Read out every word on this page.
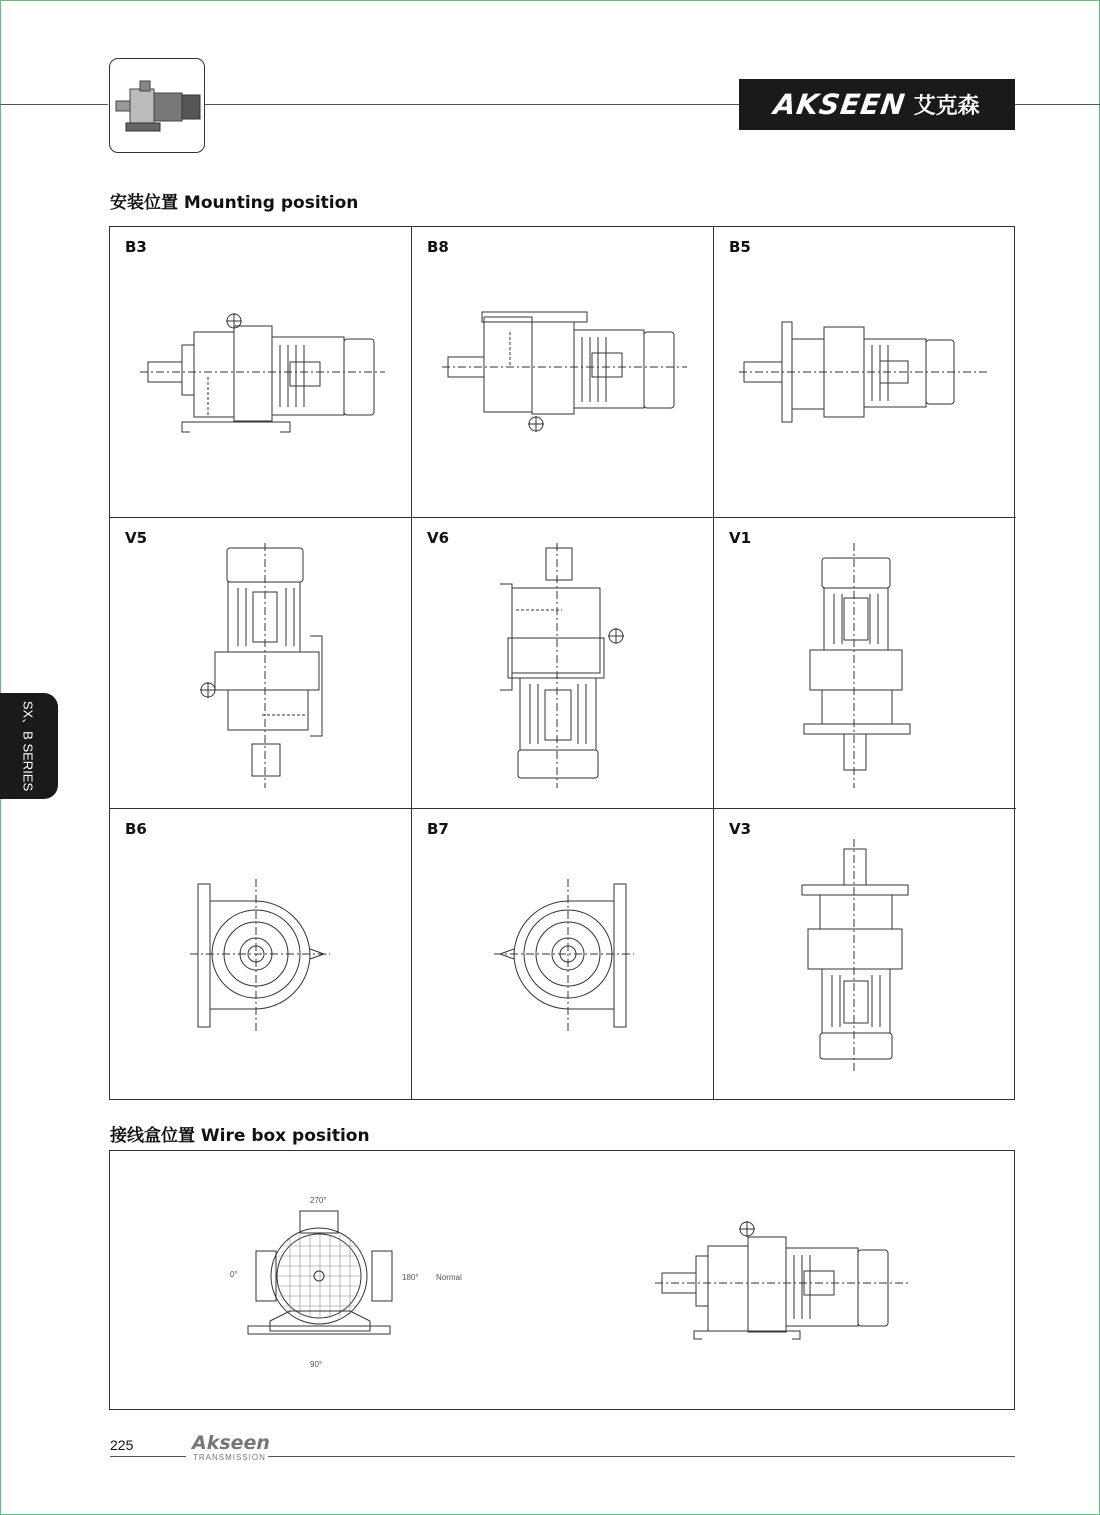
AKSEEN 艾克森
安装位置 Mounting position
B3	B8	B5
V5	V6	V1
B6	B7	V3
接线盒位置 Wire box position
270°
0°	180° Normal
90°
SX、B SERIES
225	Akseen
TRANSMISSION
